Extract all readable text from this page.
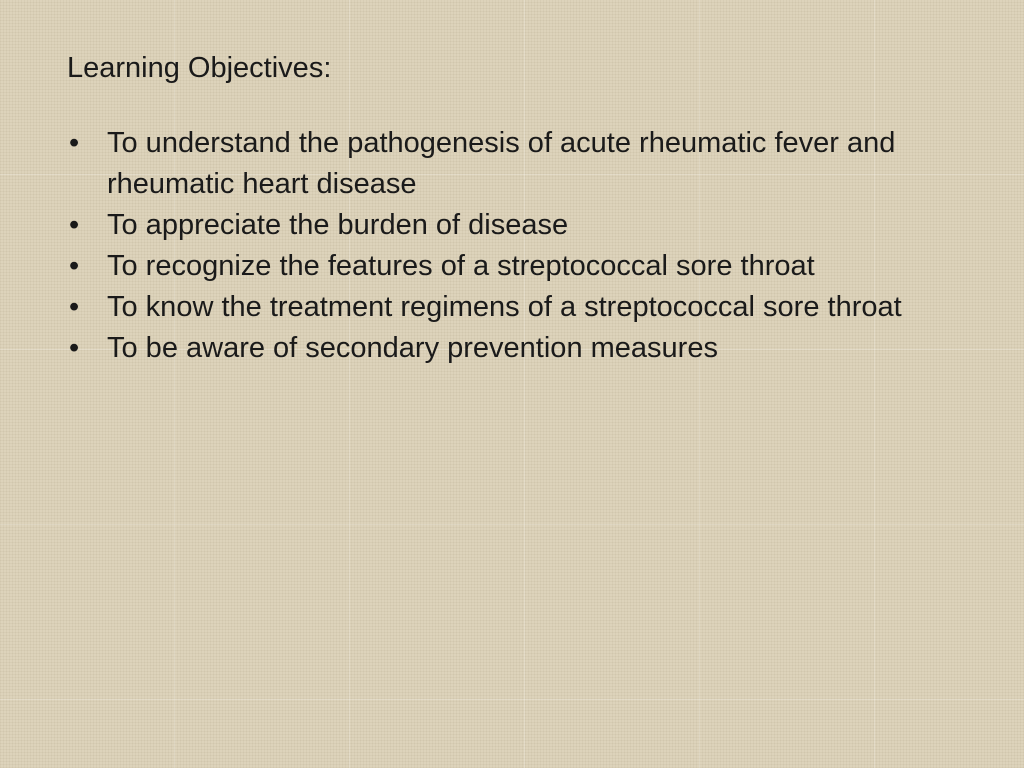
Learning Objectives:

• To understand the pathogenesis of acute rheumatic fever and rheumatic heart disease
• To appreciate the burden of disease
• To recognize the features of a streptococcal sore throat
• To know the treatment regimens of a streptococcal sore throat
• To be aware of secondary prevention measures
